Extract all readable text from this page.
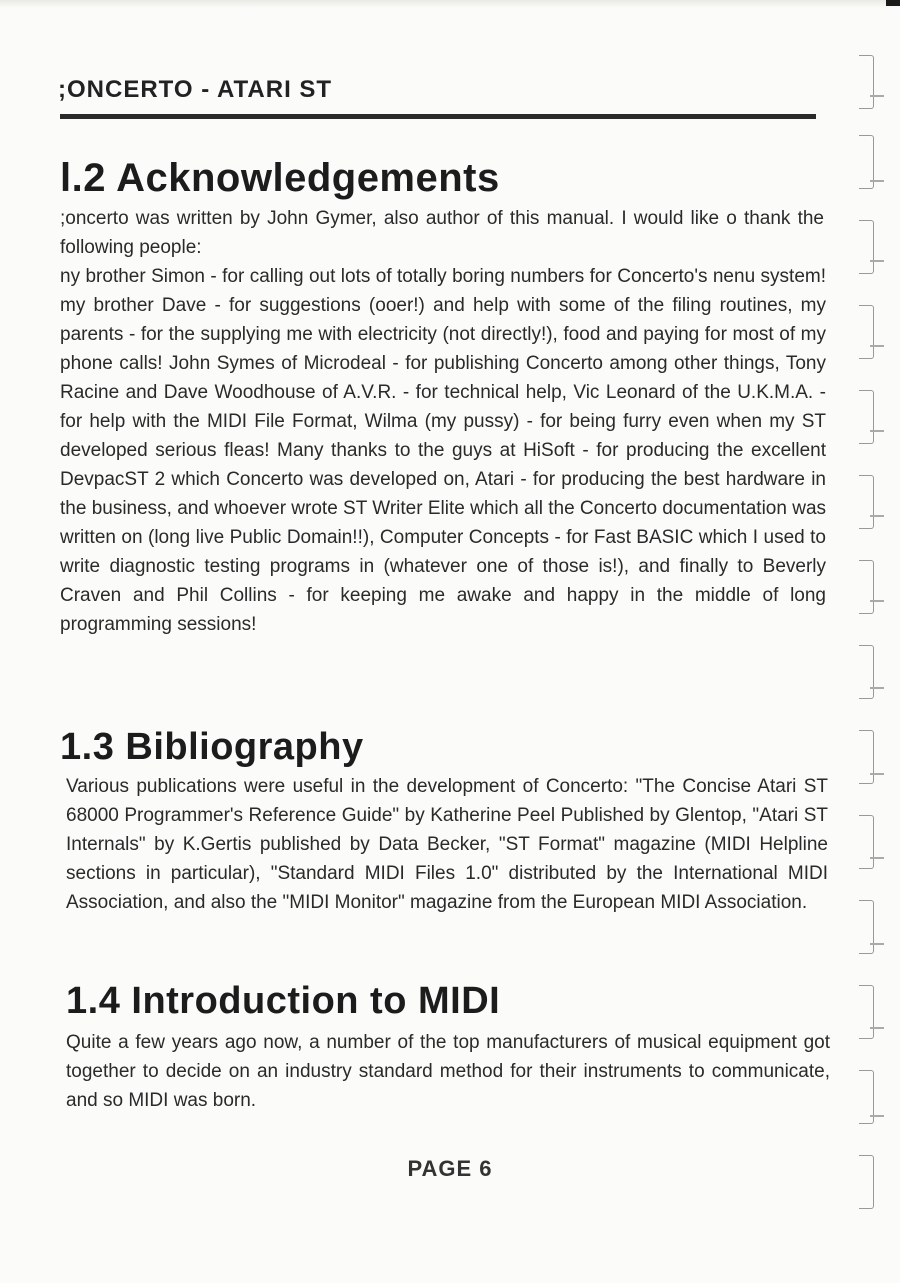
;ONCERTO - ATARI ST
l.2 Acknowledgements

;oncerto was written by John Gymer, also author of this manual. I would like o thank the following people:

ny brother Simon - for calling out lots of totally boring numbers for Concerto's nenu system! my brother Dave - for suggestions (ooer!) and help with some of the filing routines, my parents - for the supplying me with electricity (not directly!), food and paying for most of my phone calls! John Symes of Microdeal - for publishing Concerto among other things, Tony Racine and Dave Woodhouse of A.V.R. - for technical help, Vic Leonard of the U.K.M.A. - for help with the MIDI File Format, Wilma (my pussy) - for being furry even when my ST developed serious fleas! Many thanks to the guys at HiSoft - for producing the excellent DevpacST 2 which Concerto was developed on, Atari - for producing the best hardware in the business, and whoever wrote ST Writer Elite which all the Concerto documentation was written on (long live Public Domain!!), Computer Concepts - for Fast BASIC which I used to write diagnostic testing programs in (whatever one of those is!), and finally to Beverly Craven and Phil Collins - for keeping me awake and happy in the middle of long programming sessions!

1.3 Bibliography

Various publications were useful in the development of Concerto: "The Concise Atari ST 68000 Programmer's Reference Guide" by Katherine Peel Published by Glentop, "Atari ST Internals" by K.Gertis published by Data Becker, "ST Format" magazine (MIDI Helpline sections in particular), "Standard MIDI Files 1.0" distributed by the International MIDI Association, and also the "MIDI Monitor" magazine from the European MIDI Association.

1.4 Introduction to MIDI

Quite a few years ago now, a number of the top manufacturers of musical equipment got together to decide on an industry standard method for their instruments to communicate, and so MIDI was born.

PAGE 6
